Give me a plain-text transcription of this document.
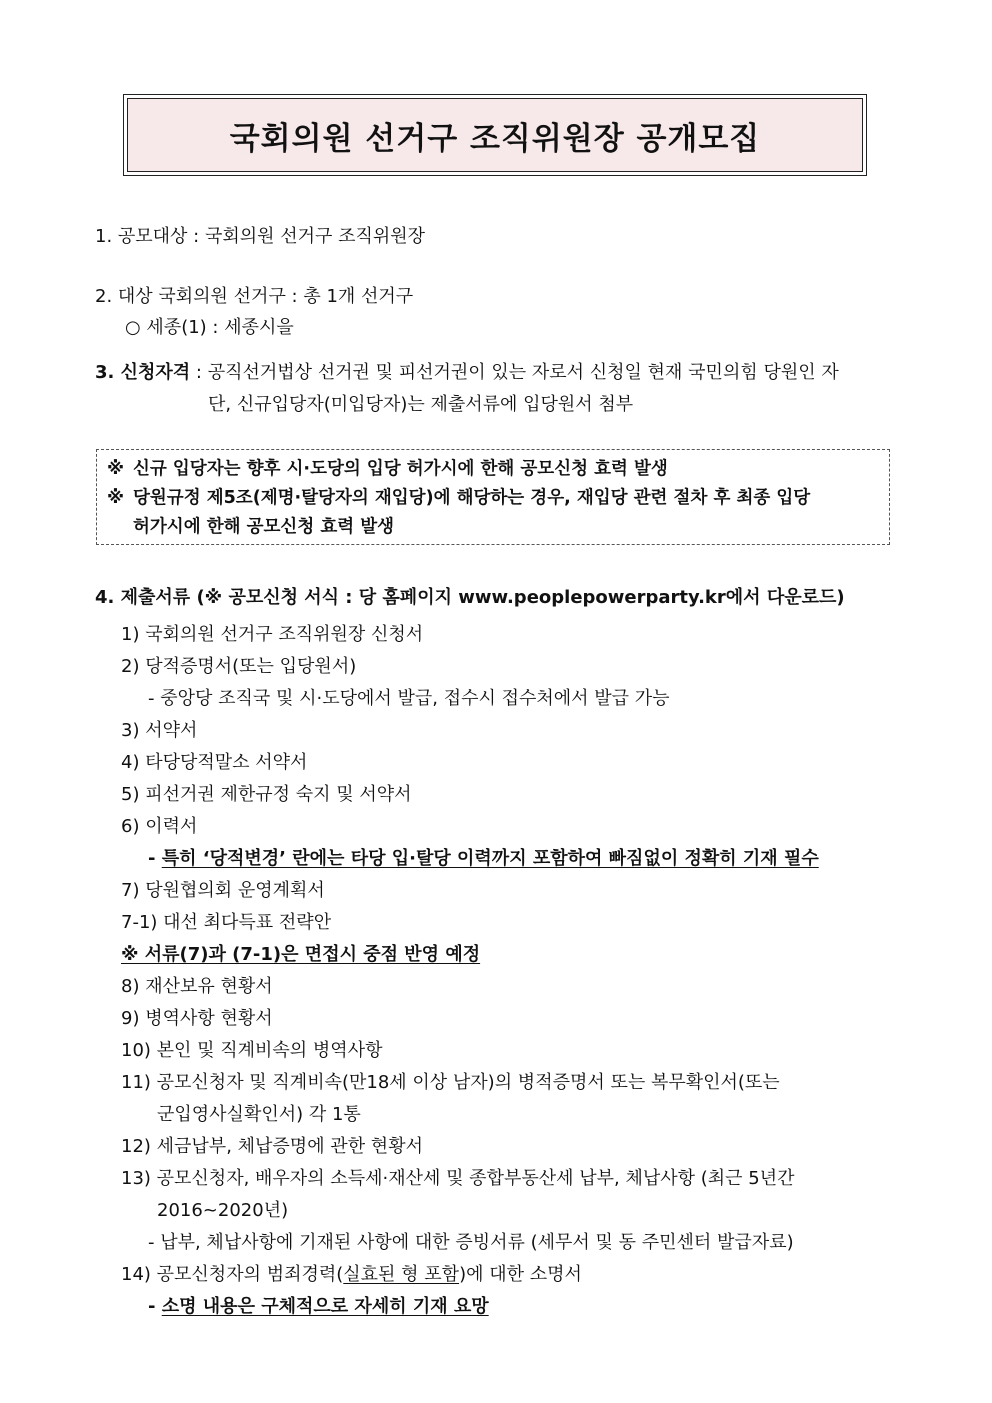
국회의원 선거구 조직위원장 공개모집
1. 공모대상 : 국회의원 선거구 조직위원장
2. 대상 국회의원 선거구 : 총 1개 선거구
○ 세종(1) : 세종시을
3. 신청자격 : 공직선거법상 선거권 및 피선거권이 있는 자로서 신청일 현재 국민의힘 당원인 자
단, 신규입당자(미입당자)는 제출서류에 입당원서 첨부
※ 신규 입당자는 향후 시·도당의 입당 허가시에 한해 공모신청 효력 발생
※ 당원규정 제5조(제명·탈당자의 재입당)에 해당하는 경우, 재입당 관련 절차 후 최종 입당
허가시에 한해 공모신청 효력 발생
4. 제출서류 (※ 공모신청 서식 : 당 홈페이지 www.peoplepowerparty.kr에서 다운로드)
1) 국회의원 선거구 조직위원장 신청서
2) 당적증명서(또는 입당원서)
- 중앙당 조직국 및 시·도당에서 발급, 접수시 접수처에서 발급 가능
3) 서약서
4) 타당당적말소 서약서
5) 피선거권 제한규정 숙지 및 서약서
6) 이력서
- 특히 ‘당적변경’ 란에는 타당 입·탈당 이력까지 포함하여 빠짐없이 정확히 기재 필수
7) 당원협의회 운영계획서
7-1) 대선 최다득표 전략안
※ 서류(7)과 (7-1)은 면접시 중점 반영 예정
8) 재산보유 현황서
9) 병역사항 현황서
10) 본인 및 직계비속의 병역사항
11) 공모신청자 및 직계비속(만18세 이상 남자)의 병적증명서 또는 복무확인서(또는
군입영사실확인서) 각 1통
12) 세금납부, 체납증명에 관한 현황서
13) 공모신청자, 배우자의 소득세·재산세 및 종합부동산세 납부, 체납사항 (최근 5년간
2016~2020년)
- 납부, 체납사항에 기재된 사항에 대한 증빙서류 (세무서 및 동 주민센터 발급자료)
14) 공모신청자의 범죄경력(실효된 형 포함)에 대한 소명서
- 소명 내용은 구체적으로 자세히 기재 요망
